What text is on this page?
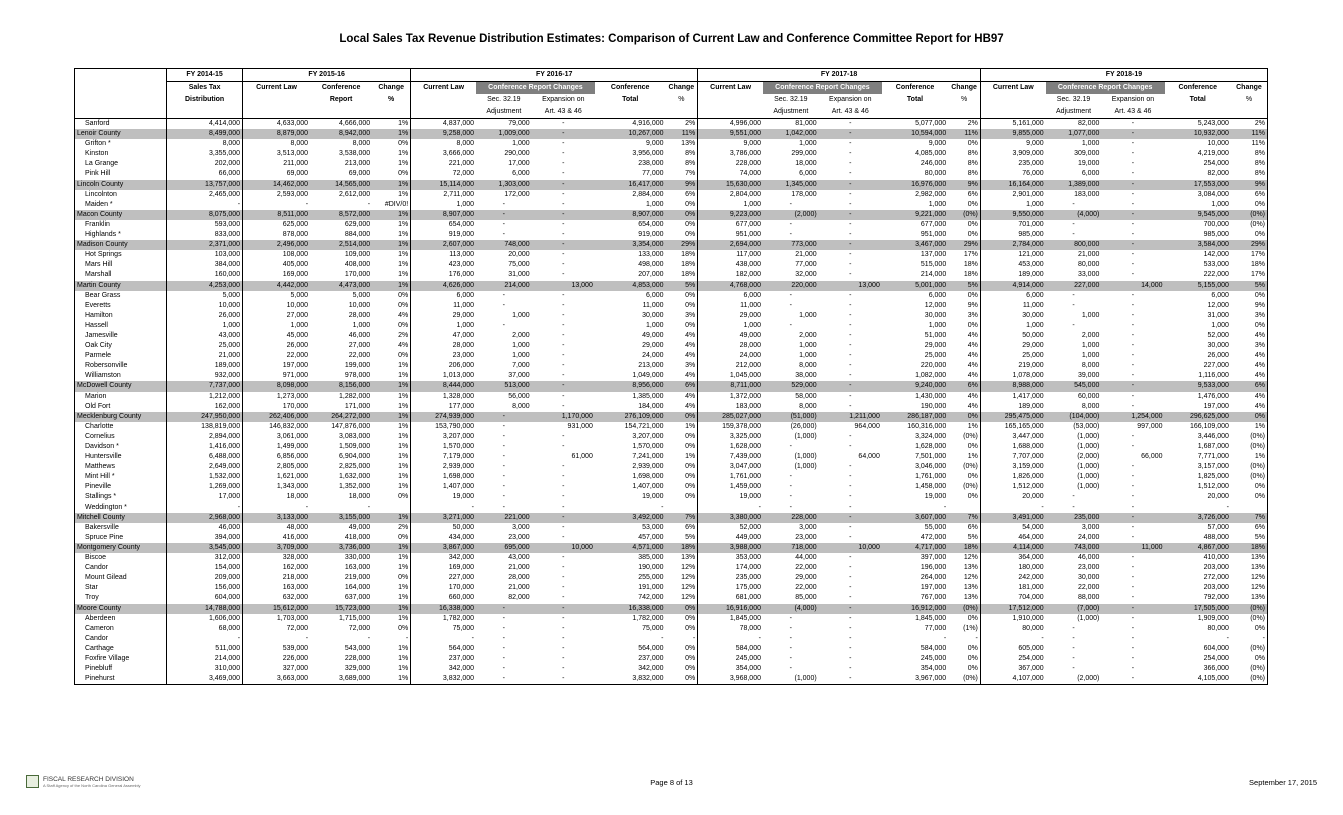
Local Sales Tax Revenue Distribution Estimates: Comparison of Current Law and Conference Committee Report for HB97
	FY 2014-15	FY 2015-16			FY 2016-17					FY 2017-18					FY 2018-19				
	Sales Tax	Current Law	Conference	Change	Current Law	Conference Report Changes		Conference	Change	Current Law	Conference Report Changes		Conference	Change	Current Law	Conference Report Changes		Conference	Change
	Distribution		Report	%		Sec. 32.19	Expansion on	Total	%		Sec. 32.19	Expansion on	Total	%		Sec. 32.19	Expansion on	Total	%
						Adjustment	Art. 43 & 46				Adjustment	Art. 43 & 46				Adjustment	Art. 43 & 46		
Sanford	4,414,000	4,633,000	4,666,000	1%	4,837,000	79,000	-	4,916,000	2%	4,996,000	81,000	-	5,077,000	2%	5,161,000	82,000	-	5,243,000	2%
Lenoir County	8,499,000	8,879,000	8,942,000	1%	9,258,000	1,009,000	-	10,267,000	11%	9,551,000	1,042,000	-	10,594,000	11%	9,855,000	1,077,000	-	10,932,000	11%
Grifton *	8,000	8,000	8,000	0%	8,000	1,000	-	9,000	13%	9,000	1,000	-	9,000	0%	9,000	1,000	-	10,000	11%
Kinston	3,355,000	3,513,000	3,538,000	1%	3,666,000	290,000	-	3,956,000	8%	3,786,000	299,000	-	4,085,000	8%	3,909,000	309,000	-	4,219,000	8%
La Grange	202,000	211,000	213,000	1%	221,000	17,000	-	238,000	8%	228,000	18,000	-	246,000	8%	235,000	19,000	-	254,000	8%
Pink Hill	66,000	69,000	69,000	0%	72,000	6,000	-	77,000	7%	74,000	6,000	-	80,000	8%	76,000	6,000	-	82,000	8%
Lincoln County	13,757,000	14,462,000	14,565,000	1%	15,114,000	1,303,000	-	16,417,000	9%	15,630,000	1,345,000	-	16,976,000	9%	16,164,000	1,389,000	-	17,553,000	9%
Lincolnton	2,465,000	2,593,000	2,612,000	1%	2,711,000	172,000	-	2,884,000	6%	2,804,000	178,000	-	2,982,000	6%	2,901,000	183,000	-	3,084,000	6%
Maiden *	-	-	-	#DIV/0!	1,000	-	-	1,000	0%	1,000	-	-	1,000	0%	1,000	-	-	1,000	0%
Macon County	8,075,000	8,511,000	8,572,000	1%	8,907,000	-	-	8,907,000	0%	9,223,000	(2,000)	-	9,221,000	(0%)	9,550,000	(4,000)	-	9,545,000	(0%)
Franklin	593,000	625,000	629,000	1%	654,000	-	-	654,000	0%	677,000	-	-	677,000	0%	701,000	-	-	700,000	(0%)
Highlands *	833,000	878,000	884,000	1%	919,000	-	-	919,000	0%	951,000	-	-	951,000	0%	985,000	-	-	985,000	0%
Madison County	2,371,000	2,496,000	2,514,000	1%	2,607,000	748,000	-	3,354,000	29%	2,694,000	773,000	-	3,467,000	29%	2,784,000	800,000	-	3,584,000	29%
Hot Springs	103,000	108,000	109,000	1%	113,000	20,000	-	133,000	18%	117,000	21,000	-	137,000	17%	121,000	21,000	-	142,000	17%
Mars Hill	384,000	405,000	408,000	1%	423,000	75,000	-	498,000	18%	438,000	77,000	-	515,000	18%	453,000	80,000	-	533,000	18%
Marshall	160,000	169,000	170,000	1%	176,000	31,000	-	207,000	18%	182,000	32,000	-	214,000	18%	189,000	33,000	-	222,000	17%
Martin County	4,253,000	4,442,000	4,473,000	1%	4,626,000	214,000	13,000	4,853,000	5%	4,768,000	220,000	13,000	5,001,000	5%	4,914,000	227,000	14,000	5,155,000	5%
Bear Grass	5,000	5,000	5,000	0%	6,000	-	-	6,000	0%	6,000	-	-	6,000	0%	6,000	-	-	6,000	0%
Everetts	10,000	10,000	10,000	0%	11,000	-	-	11,000	0%	11,000	-	-	12,000	9%	11,000	-	-	12,000	9%
Hamilton	26,000	27,000	28,000	4%	29,000	1,000	-	30,000	3%	29,000	1,000	-	30,000	3%	30,000	1,000	-	31,000	3%
Hassell	1,000	1,000	1,000	0%	1,000	-	-	1,000	0%	1,000	-	-	1,000	0%	1,000	-	-	1,000	0%
Jamesville	43,000	45,000	46,000	2%	47,000	2,000	-	49,000	4%	49,000	2,000	-	51,000	4%	50,000	2,000	-	52,000	4%
Oak City	25,000	26,000	27,000	4%	28,000	1,000	-	29,000	4%	28,000	1,000	-	29,000	4%	29,000	1,000	-	30,000	3%
Parmele	21,000	22,000	22,000	0%	23,000	1,000	-	24,000	4%	24,000	1,000	-	25,000	4%	25,000	1,000	-	26,000	4%
Robersonville	189,000	197,000	199,000	1%	206,000	7,000	-	213,000	3%	212,000	8,000	-	220,000	4%	219,000	8,000	-	227,000	4%
Williamston	932,000	971,000	978,000	1%	1,013,000	37,000	-	1,049,000	4%	1,045,000	38,000	-	1,082,000	4%	1,078,000	39,000	-	1,116,000	4%
McDowell County	7,737,000	8,098,000	8,156,000	1%	8,444,000	513,000	-	8,956,000	6%	8,711,000	529,000	-	9,240,000	6%	8,988,000	545,000	-	9,533,000	6%
Marion	1,212,000	1,273,000	1,282,000	1%	1,328,000	56,000	-	1,385,000	4%	1,372,000	58,000	-	1,430,000	4%	1,417,000	60,000	-	1,476,000	4%
Old Fort	162,000	170,000	171,000	1%	177,000	8,000	-	184,000	4%	183,000	8,000	-	190,000	4%	189,000	8,000	-	197,000	4%
Mecklenburg County	247,950,000	262,406,000	264,272,000	1%	274,939,000	-	1,170,000	276,109,000	0%	285,027,000	(51,000)	1,211,000	286,187,000	0%	295,475,000	(104,000)	1,254,000	296,625,000	0%
Charlotte	138,819,000	146,832,000	147,876,000	1%	153,790,000	-	931,000	154,721,000	1%	159,378,000	(26,000)	964,000	160,316,000	1%	165,165,000	(53,000)	997,000	166,109,000	1%
Cornelius	2,894,000	3,061,000	3,083,000	1%	3,207,000	-	-	3,207,000	0%	3,325,000	(1,000)	-	3,324,000	(0%)	3,447,000	(1,000)	-	3,446,000	(0%)
Davidson *	1,416,000	1,499,000	1,509,000	1%	1,570,000	-	-	1,570,000	0%	1,628,000	-	-	1,628,000	0%	1,688,000	(1,000)	-	1,687,000	(0%)
Huntersville	6,488,000	6,856,000	6,904,000	1%	7,179,000	-	61,000	7,241,000	1%	7,439,000	(1,000)	64,000	7,501,000	1%	7,707,000	(2,000)	66,000	7,771,000	1%
Matthews	2,649,000	2,805,000	2,825,000	1%	2,939,000	-	-	2,939,000	0%	3,047,000	(1,000)	-	3,046,000	(0%)	3,159,000	(1,000)	-	3,157,000	(0%)
Mint Hill *	1,532,000	1,621,000	1,632,000	1%	1,698,000	-	-	1,698,000	0%	1,761,000	-	-	1,761,000	0%	1,826,000	(1,000)	-	1,825,000	(0%)
Pineville	1,269,000	1,343,000	1,352,000	1%	1,407,000	-	-	1,407,000	0%	1,459,000	-	-	1,458,000	(0%)	1,512,000	(1,000)	-	1,512,000	0%
Stallings *	17,000	18,000	18,000	0%	19,000	-	-	19,000	0%	19,000	-	-	19,000	0%	20,000	-	-	20,000	0%
Weddington *	-	-	-		-	-	-	-		-	-	-	-		-	-	-	-	
Mitchell County	2,968,000	3,133,000	3,155,000	1%	3,271,000	221,000	-	3,492,000	7%	3,380,000	228,000	-	3,607,000	7%	3,491,000	235,000	-	3,726,000	7%
Bakersville	46,000	48,000	49,000	2%	50,000	3,000	-	53,000	6%	52,000	3,000	-	55,000	6%	54,000	3,000	-	57,000	6%
Spruce Pine	394,000	416,000	418,000	0%	434,000	23,000	-	457,000	5%	449,000	23,000	-	472,000	5%	464,000	24,000	-	488,000	5%
Montgomery County	3,545,000	3,709,000	3,736,000	1%	3,867,000	695,000	10,000	4,571,000	18%	3,988,000	718,000	10,000	4,717,000	18%	4,114,000	743,000	11,000	4,867,000	18%
Biscoe	312,000	328,000	330,000	1%	342,000	43,000	-	385,000	13%	353,000	44,000	-	397,000	12%	364,000	46,000	-	410,000	13%
Candor	154,000	162,000	163,000	1%	169,000	21,000	-	190,000	12%	174,000	22,000	-	196,000	13%	180,000	23,000	-	203,000	13%
Mount Gilead	209,000	218,000	219,000	0%	227,000	28,000	-	255,000	12%	235,000	29,000	-	264,000	12%	242,000	30,000	-	272,000	12%
Star	156,000	163,000	164,000	1%	170,000	21,000	-	191,000	12%	175,000	22,000	-	197,000	13%	181,000	22,000	-	203,000	12%
Troy	604,000	632,000	637,000	1%	660,000	82,000	-	742,000	12%	681,000	85,000	-	767,000	13%	704,000	88,000	-	792,000	13%
Moore County	14,788,000	15,612,000	15,723,000	1%	16,338,000	-	-	16,338,000	0%	16,916,000	(4,000)	-	16,912,000	(0%)	17,512,000	(7,000)	-	17,505,000	(0%)
Aberdeen	1,606,000	1,703,000	1,715,000	1%	1,782,000	-	-	1,782,000	0%	1,845,000	-	-	1,845,000	0%	1,910,000	(1,000)	-	1,909,000	(0%)
Cameron	68,000	72,000	72,000	0%	75,000	-	-	75,000	0%	78,000	-	-	77,000	(1%)	80,000	-	-	80,000	0%
Candor	-	-	-	-	-	-	-	-	-	-	-	-	-	-	-	-	-	-	-
Carthage	511,000	539,000	543,000	1%	564,000	-	-	564,000	0%	584,000	-	-	584,000	0%	605,000	-	-	604,000	(0%)
Foxfire Village	214,000	226,000	228,000	1%	237,000	-	-	237,000	0%	245,000	-	-	245,000	0%	254,000	-	-	254,000	0%
Pinebluff	310,000	327,000	329,000	1%	342,000	-	-	342,000	0%	354,000	-	-	354,000	0%	367,000	-	-	366,000	(0%)
Pinehurst	3,469,000	3,663,000	3,689,000	1%	3,832,000	-	-	3,832,000	0%	3,968,000	(1,000)	-	3,967,000	(0%)	4,107,000	(2,000)	-	4,105,000	(0%)
FISCAL RESEARCH DIVISION
A Staff Agency of the North Carolina General Assembly	Page 8 of 13	September 17, 2015
